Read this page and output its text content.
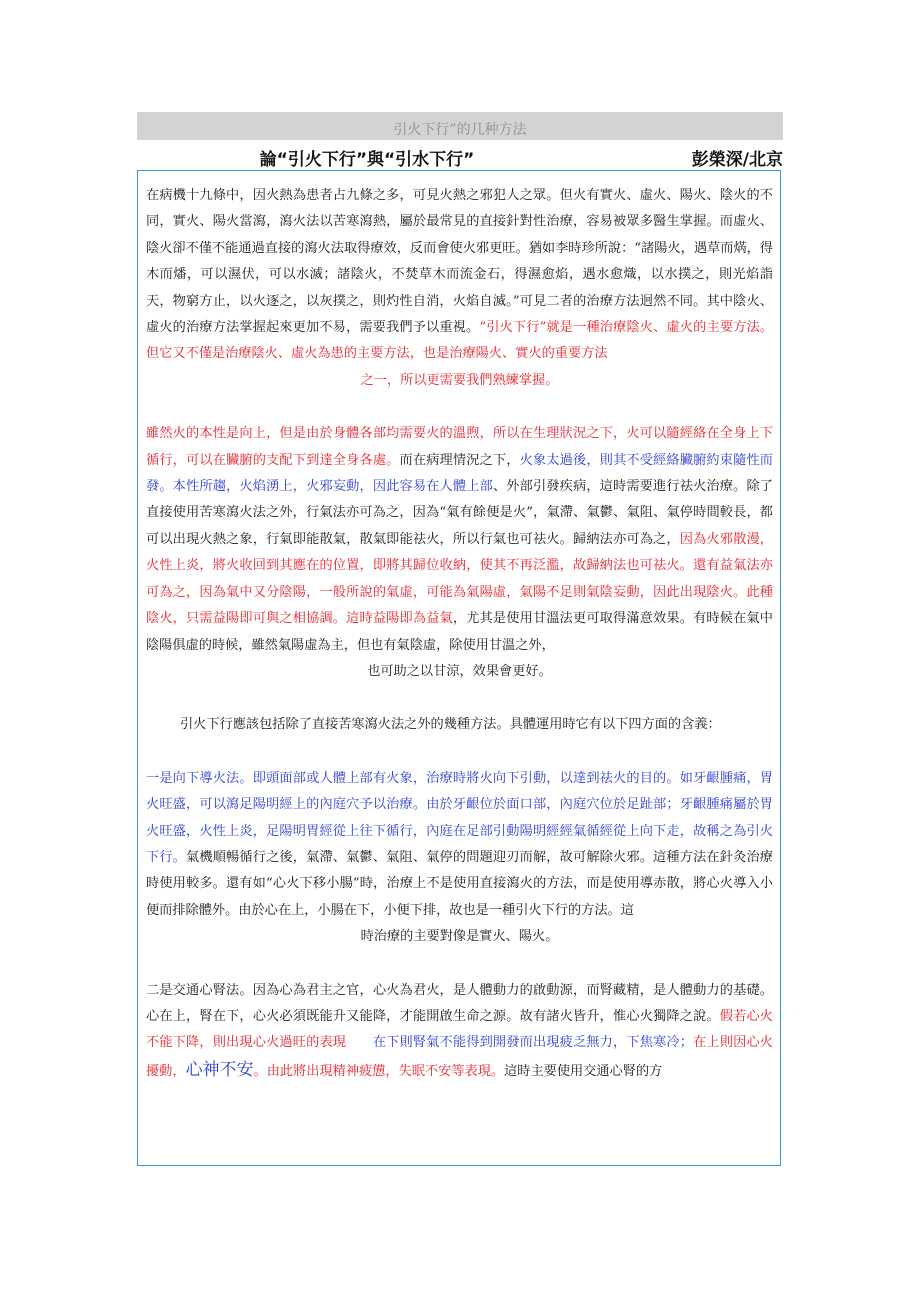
引火下行”的几种方法
論“引火下行”與“引水下行”	彭榮深/北京

在病機十九條中，因火熱為患者占九條之多，可見火熱之邪犯人之眾。但火有實火、虛火、陽火、陰火的不同，實火、陽火當瀉，瀉火法以苦寒瀉熱，屬於最常見的直接針對性治療，容易被眾多醫生掌握。而虛火、陰火卻不僅不能通過直接的瀉火法取得療效，反而會使火邪更旺。猶如李時珍所說：“諸陽火，遇草而焫，得木而燔，可以濕伏，可以水滅；諸陰火，不焚草木而流金石，得濕愈焰，遇水愈熾，以水撲之，則光焰詣天，物窮方止，以火逐之，以灰撲之，則灼性自消，火焰自滅。”可見二者的治療方法迥然不同。其中陰火、虛火的治療方法掌握起來更加不易，需要我們予以重視。“引火下行”就是一種治療陰火、虛火的主要方法。但它又不僅是治療陰火、虛火為患的主要方法，也是治療陽火、實火的重要方法

之一，所以更需要我們熟練掌握。

雖然火的本性是向上，但是由於身體各部均需要火的溫煦，所以在生理狀況之下，火可以隨經絡在全身上下循行，可以在臟腑的支配下到達全身各處。而在病理情況之下，火象太過後，則其不受經絡臟腑約束隨性而發。本性所趨，火焰湧上，火邪妄動，因此容易在人體上部、外部引發疾病，這時需要進行祛火治療。除了直接使用苦寒瀉火法之外，行氣法亦可為之，因為“氣有餘便是火”，氣滯、氣鬱、氣阻、氣停時間較長，都可以出現火熱之象，行氣即能散氣，散氣即能祛火，所以行氣也可祛火。歸納法亦可為之，因為火邪散漫，火性上炎，將火收回到其應在的位置，即將其歸位收納，使其不再泛濫，故歸納法也可祛火。還有益氣法亦可為之，因為氣中又分陰陽，一般所說的氣虛，可能為氣陽虛，氣陽不足則氣陰妄動，因此出現陰火。此種陰火，只需益陽即可與之相協調。這時益陽即為益氣，尤其是使用甘溫法更可取得滿意效果。有時候在氣中陰陽俱虛的時候，雖然氣陽虛為主，但也有氣陰虛，除使用甘溫之外，

也可助之以甘涼，效果會更好。

引火下行應該包括除了直接苦寒瀉火法之外的幾種方法。具體運用時它有以下四方面的含義：

一是向下導火法。即頭面部或人體上部有火象，治療時將火向下引動，以達到祛火的目的。如牙齦腫痛，胃火旺盛，可以瀉足陽明經上的內庭穴予以治療。由於牙齦位於面口部，內庭穴位於足趾部；牙齦腫痛屬於胃火旺盛，火性上炎，足陽明胃經從上往下循行，內庭在足部引動陽明經經氣循經從上向下走，故稱之為引火下行。氣機順暢循行之後，氣滯、氣鬱、氣阻、氣停的問題迎刃而解，故可解除火邪。這種方法在針灸治療時使用較多。還有如“心火下移小腸”時，治療上不是使用直接瀉火的方法，而是使用導赤散，將心火導入小便而排除體外。由於心在上，小腸在下，小便下排，故也是一種引火下行的方法。這

時治療的主要對像是實火、陽火。

二是交通心腎法。因為心為君主之官，心火為君火，是人體動力的啟動源，而腎藏精，是人體動力的基礎。心在上，腎在下，心火必須既能升又能降，才能開啟生命之源。故有諸火皆升，惟心火獨降之說。假若心火不能下降，則出現心火過旺的表現　　 在下則腎氣不能得到開發而出現疲乏無力，下焦寒冷；在上則因心火擾動，心神不安。由此將出現精神疲憊，失眠不安等表現。這時主要使用交通心腎的方
